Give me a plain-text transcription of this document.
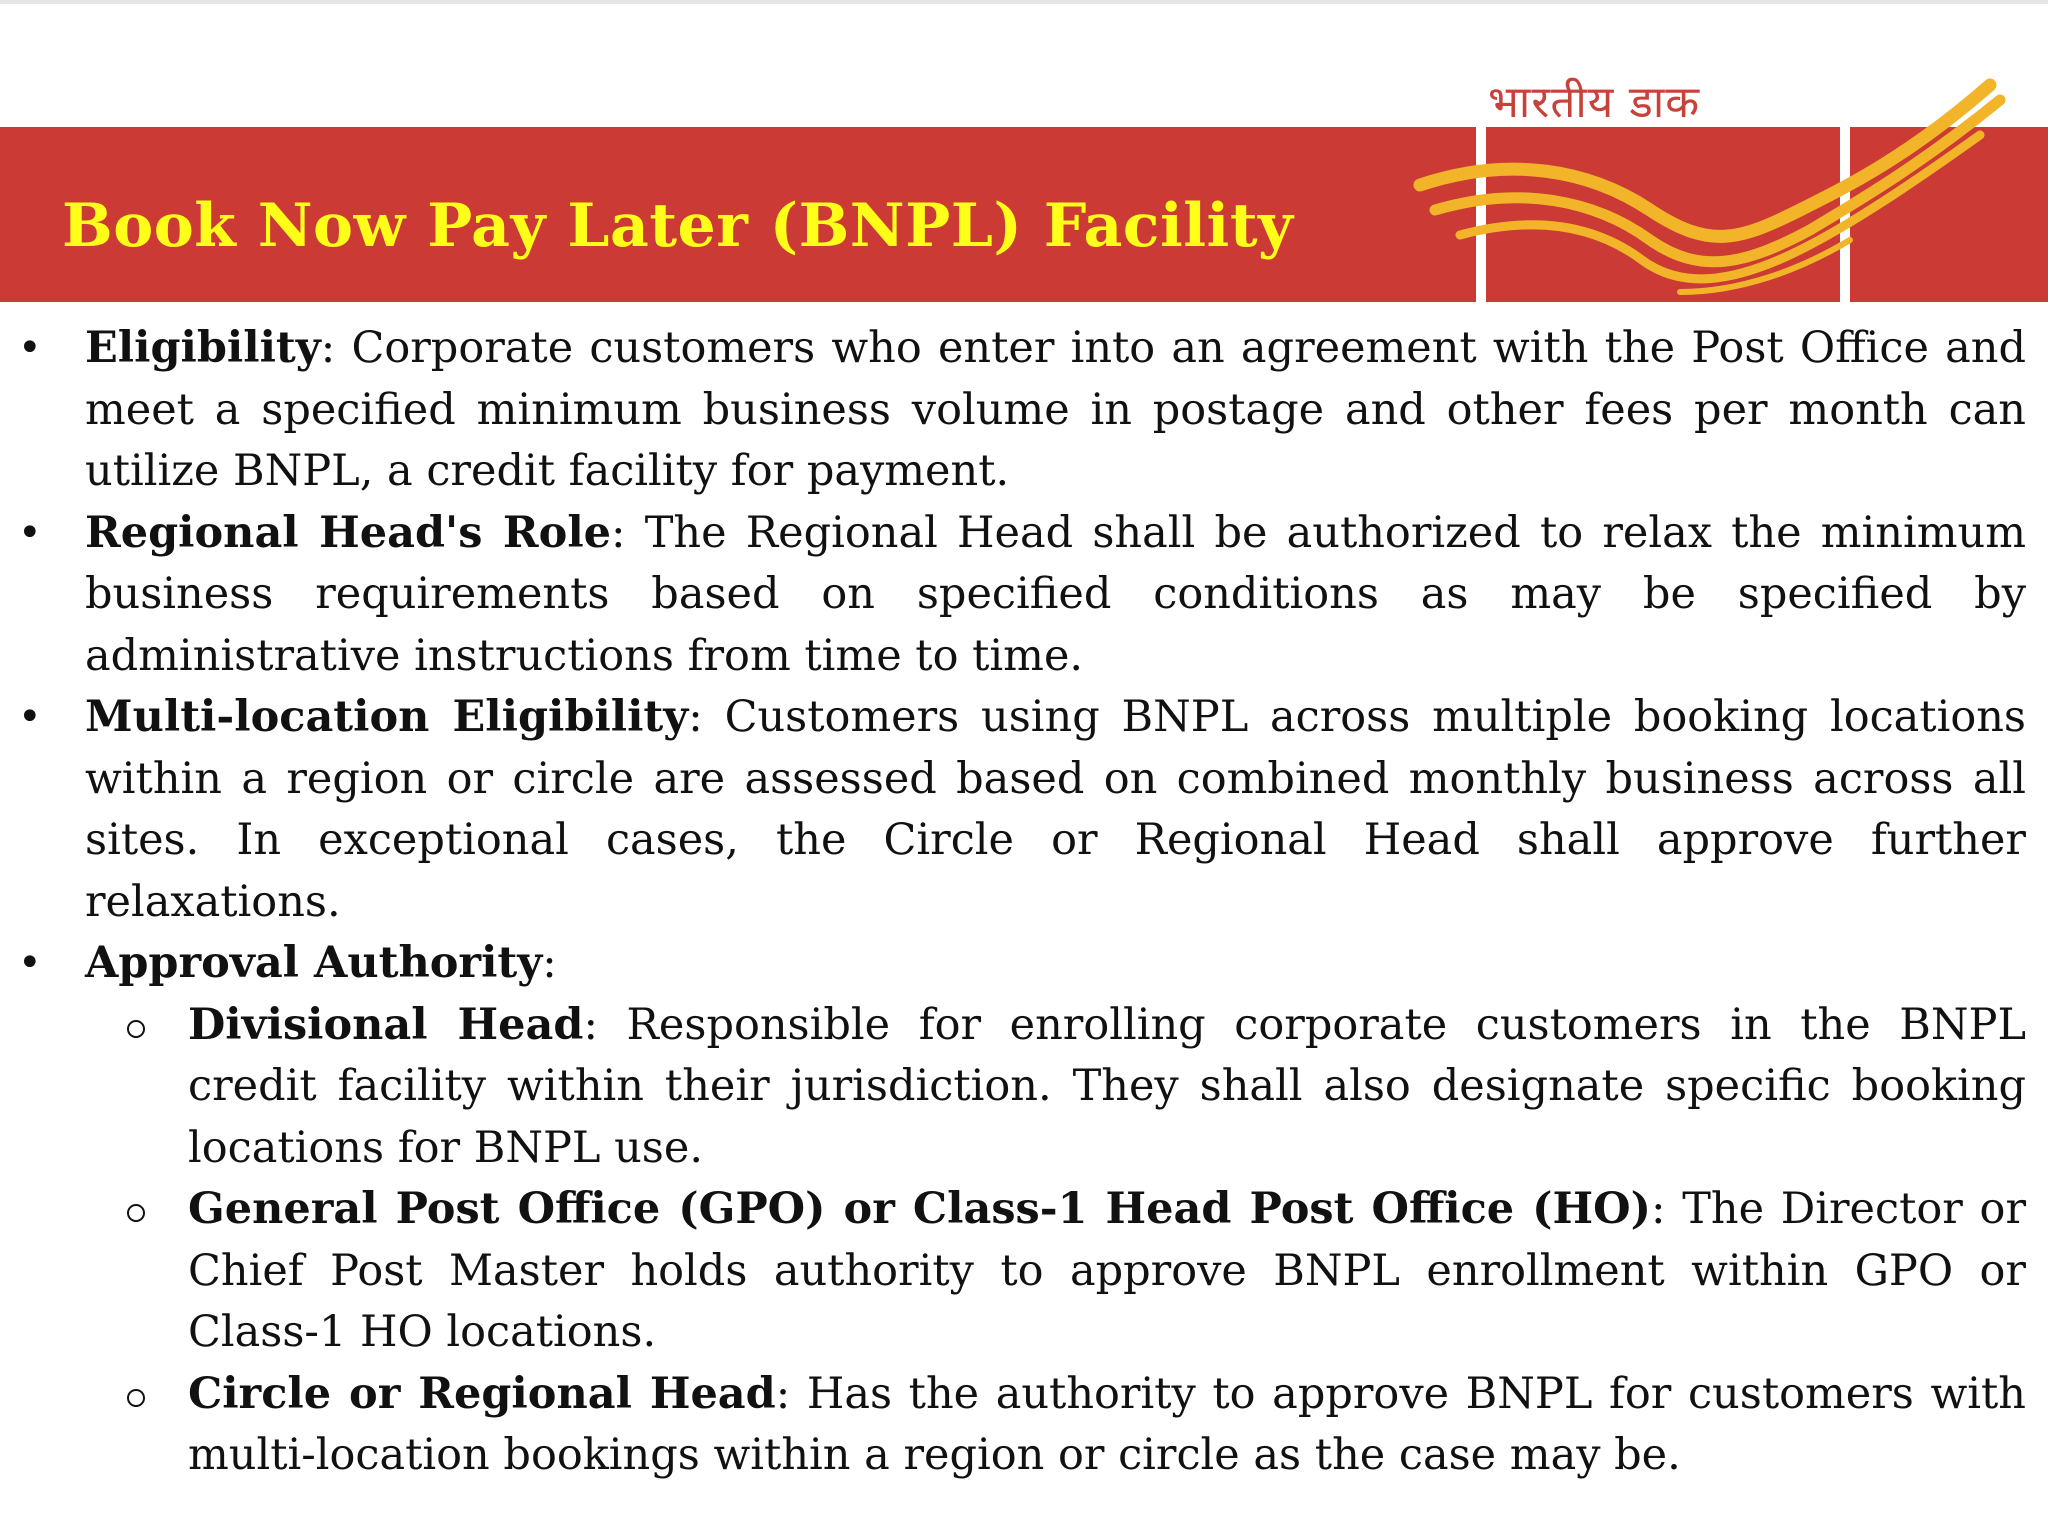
Book Now Pay Later (BNPL) Facility
भारतीय डाक
• Eligibility: Corporate customers who enter into an agreement with the Post Office and meet a specified minimum business volume in postage and other fees per month can utilize BNPL, a credit facility for payment.
• Regional Head's Role: The Regional Head shall be authorized to relax the minimum business requirements based on specified conditions as may be specified by administrative instructions from time to time.
• Multi-location Eligibility: Customers using BNPL across multiple booking locations within a region or circle are assessed based on combined monthly business across all sites. In exceptional cases, the Circle or Regional Head shall approve further relaxations.
• Approval Authority:
Divisional Head: Responsible for enrolling corporate customers in the BNPL credit facility within their jurisdiction. They shall also designate specific booking locations for BNPL use.
General Post Office (GPO) or Class-1 Head Post Office (HO): The Director or Chief Post Master holds authority to approve BNPL enrollment within GPO or Class-1 HO locations.
Circle or Regional Head: Has the authority to approve BNPL for customers with multi-location bookings within a region or circle as the case may be.
